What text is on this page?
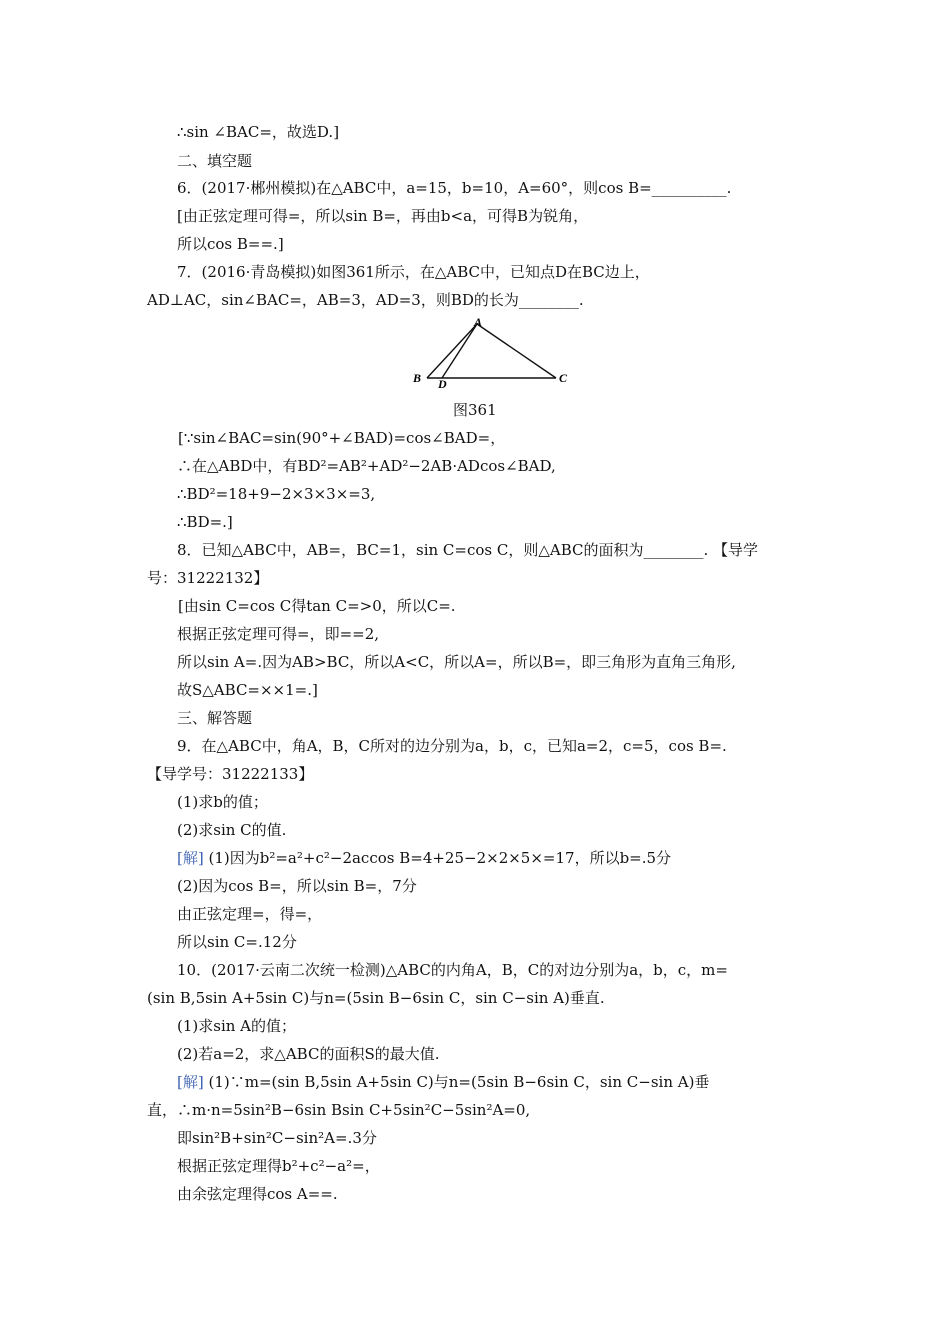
∴sin ∠BAC=，故选D.]
二、填空题
6．(2017·郴州模拟)在△ABC中，a=15，b=10，A=60°，则cos B=__________.
[由正弦定理可得=，所以sin B=，再由b<a，可得B为锐角，
所以cos B==.]
7．(2016·青岛模拟)如图361所示，在△ABC中，已知点D在BC边上，
AD⊥AC，sin∠BAC=，AB=3，AD=3，则BD的长为________.
A
B D	C
图361
[∵sin∠BAC=sin(90°+∠BAD)=cos∠BAD=，
∴在△ABD中，有BD²=AB²+AD²−2AB·ADcos∠BAD,
∴BD²=18+9−2×3×3×=3,
∴BD=.]
8．已知△ABC中，AB=，BC=1，sin C=cos C，则△ABC的面积为________. 【导学
号：31222132】
[由sin C=cos C得tan C=>0，所以C=.
根据正弦定理可得=，即==2,
所以sin A=.因为AB>BC，所以A<C，所以A=，所以B=，即三角形为直角三角形,
故S△ABC=××1=.]
三、解答题
9．在△ABC中，角A，B，C所对的边分别为a，b，c，已知a=2，c=5，cos B=.
【导学号：31222133】
(1)求b的值；
(2)求sin C的值.
[解] (1)因为b²=a²+c²−2accos B=4+25−2×2×5×=17，所以b=.5分
(2)因为cos B=，所以sin B=，7分
由正弦定理=，得=，
所以sin C=.12分
10．(2017·云南二次统一检测)△ABC的内角A，B，C的对边分别为a，b，c，m=
(sin B,5sin A+5sin C)与n=(5sin B−6sin C，sin C−sin A)垂直.
(1)求sin A的值；
(2)若a=2，求△ABC的面积S的最大值.
[解] (1)∵m=(sin B,5sin A+5sin C)与n=(5sin B−6sin C，sin C−sin A)垂
直，∴m·n=5sin²B−6sin Bsin C+5sin²C−5sin²A=0,
即sin²B+sin²C−sin²A=.3分
根据正弦定理得b²+c²−a²=，
由余弦定理得cos A==.
